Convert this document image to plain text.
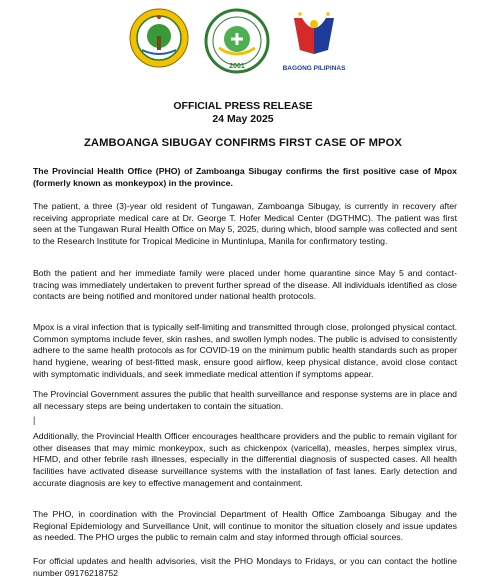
2001	BAGONG PILIPINAS
OFFICIAL PRESS RELEASE
24 May 2025
ZAMBOANGA SIBUGAY CONFIRMS FIRST CASE OF MPOX

The Provincial Health Office (PHO) of Zamboanga Sibugay confirms the first positive case of Mpox (formerly known as monkeypox) in the province.

The patient, a three (3)-year old resident of Tungawan, Zamboanga Sibugay, is currently in recovery after receiving appropriate medical care at Dr. George T. Hofer Medical Center (DGTHMC). The patient was first seen at the Tungawan Rural Health Office on May 5, 2025, during which, blood sample was collected and sent to the Research Institute for Tropical Medicine in Muntinlupa, Manila for confirmatory testing.

Both the patient and her immediate family were placed under home quarantine since May 5 and contact-tracing was immediately undertaken to prevent further spread of the disease. All individuals identified as close contacts are being notified and monitored under national health protocols.

Mpox is a viral infection that is typically self-limiting and transmitted through close, prolonged physical contact. Common symptoms include fever, skin rashes, and swollen lymph nodes. The public is advised to consistently adhere to the same health protocols as for COVID-19 on the minimum public health standards such as proper hand hygiene, wearing of best-fitted mask, ensure good airflow, keep physical distance, avoid close contact with symptomatic individuals, and seek immediate medical attention if symptoms appear.

The Provincial Government assures the public that health surveillance and response systems are in place and all necessary steps are being undertaken to contain the situation.

|

Additionally, the Provincial Health Officer encourages healthcare providers and the public to remain vigilant for other diseases that may mimic monkeypox, such as chickenpox (varicella), measles, herpes simplex virus, HFMD, and other febrile rash illnesses, especially in the differential diagnosis of suspected cases. All health facilities have activated disease surveillance systems with the installation of fast lanes. Early detection and accurate diagnosis are key to effective management and containment.

The PHO, in coordination with the Provincial Department of Health Office Zamboanga Sibugay and the Regional Epidemiology and Surveillance Unit, will continue to monitor the situation closely and issue updates as needed. The PHO urges the public to remain calm and stay informed through official sources.

For official updates and health advisories, visit the PHO Mondays to Fridays, or you can contact the hotline number 09176218752
